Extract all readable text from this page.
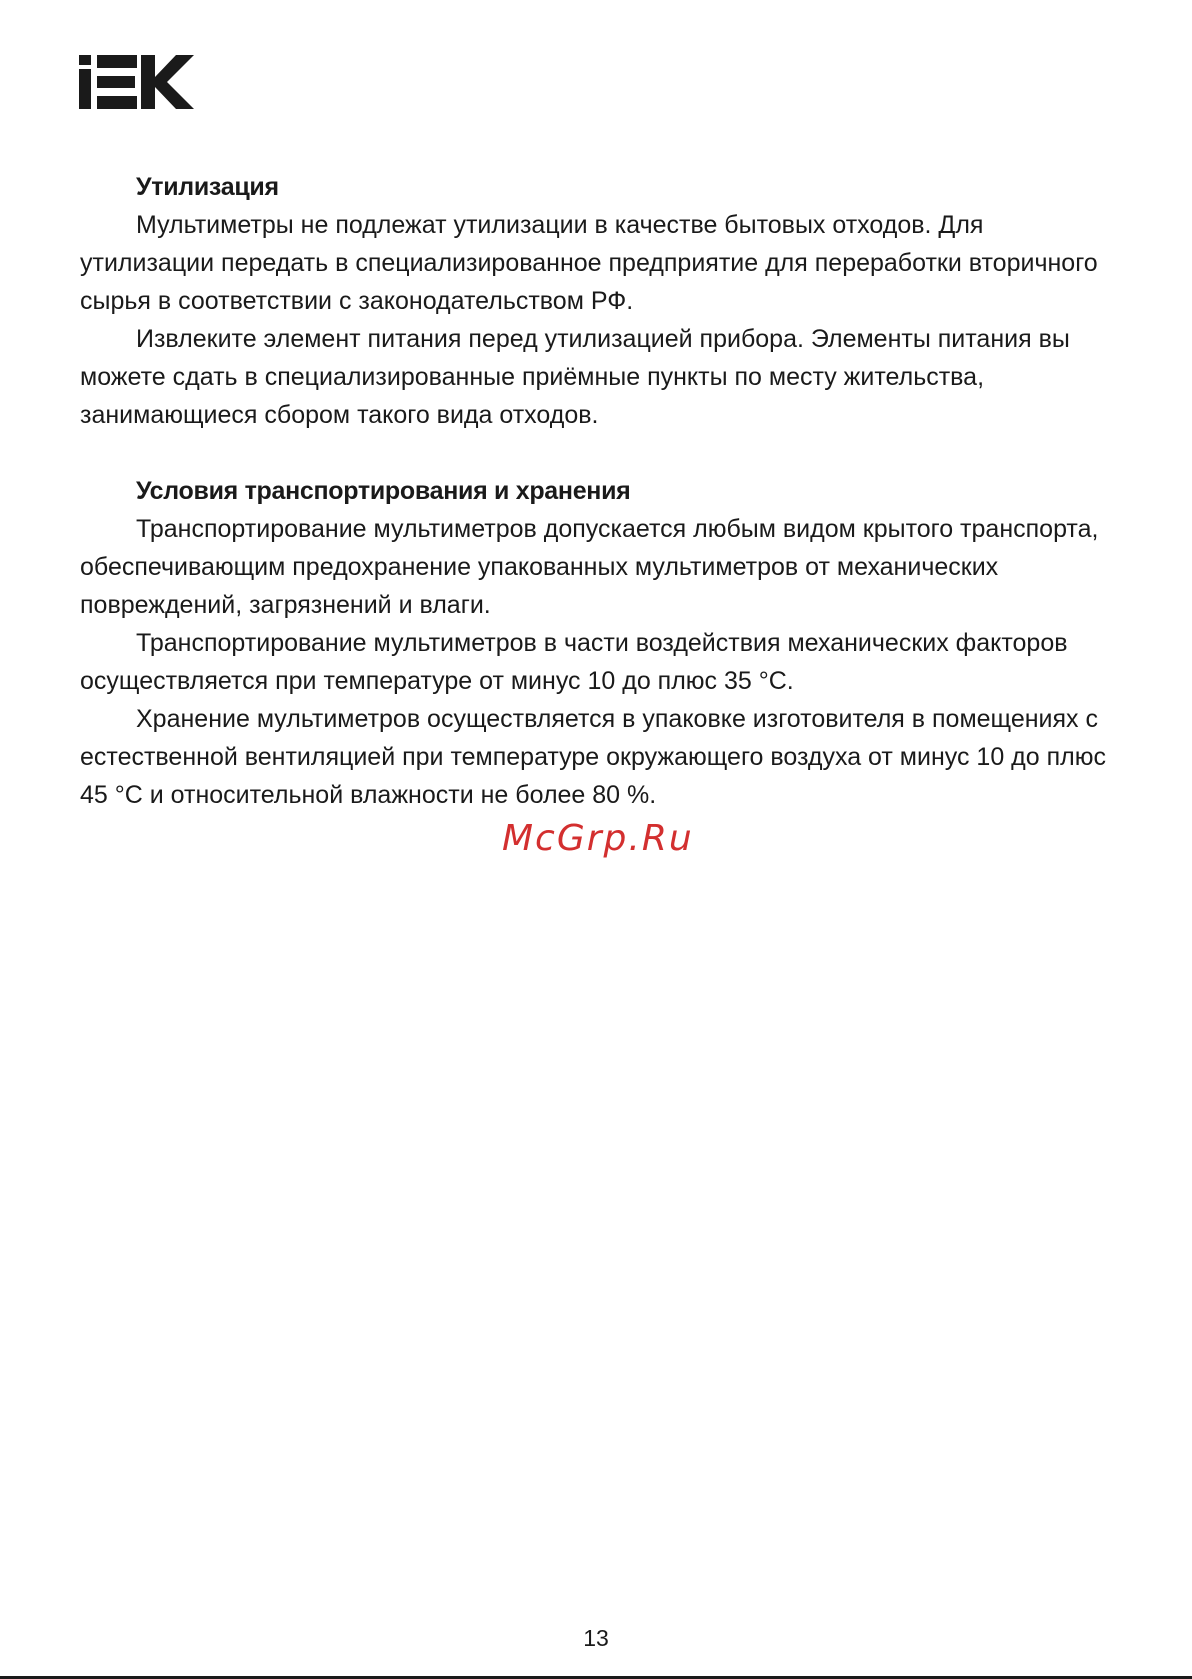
Утилизация

Мультиметры не подлежат утилизации в качестве бытовых отходов. Для утилизации передать в специализированное предприятие для переработки вторичного сырья в соответствии с законодательством РФ.

Извлеките элемент питания перед утилизацией прибора. Элементы питания вы можете сдать в специализированные приёмные пункты по месту жительства, занимающиеся сбором такого вида отходов.

Условия транспортирования и хранения

Транспортирование мультиметров допускается любым видом крытого транспорта, обеспечивающим предохранение упакованных мультиметров от механических повреждений, загрязнений и влаги.

Транспортирование мультиметров в части воздействия механических факторов осуществляется при температуре от минус 10 до плюс 35 °С.

Хранение мультиметров осуществляется в упаковке изготовителя в помещениях с естественной вентиляцией при температуре окружающего воздуха от минус 10 до плюс 45 °С и относительной влажности не более 80 %.

McGrp.Ru
13
